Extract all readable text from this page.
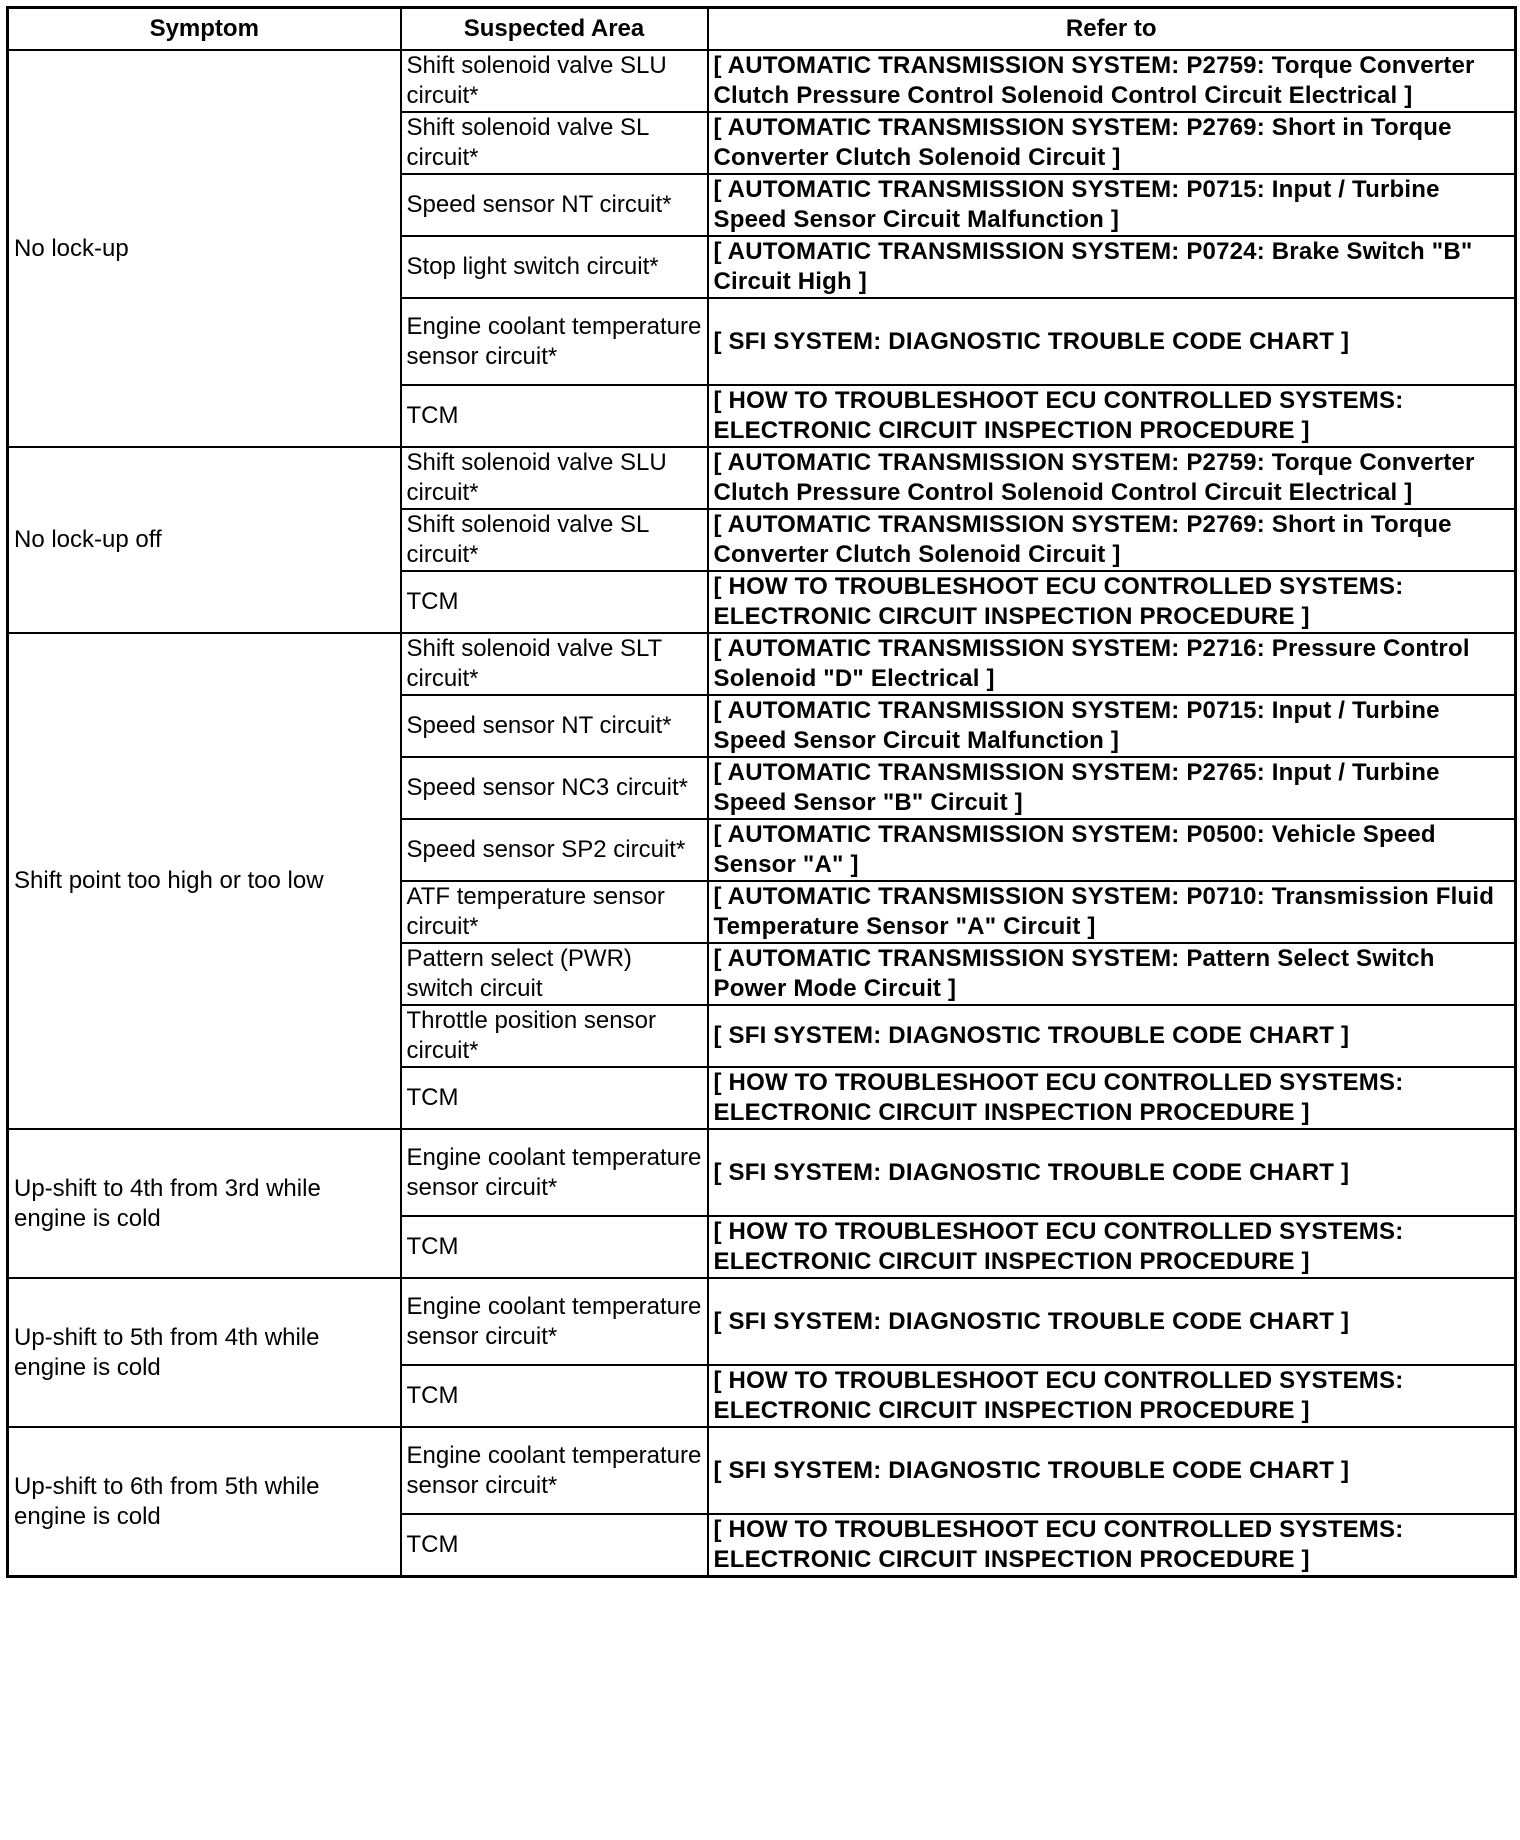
Symptom	Suspected Area	Refer to
No lock-up	Shift solenoid valve SLU circuit*	[ AUTOMATIC TRANSMISSION SYSTEM: P2759: Torque Converter Clutch Pressure Control Solenoid Control Circuit Electrical ]
	Shift solenoid valve SL circuit*	[ AUTOMATIC TRANSMISSION SYSTEM: P2769: Short in Torque Converter Clutch Solenoid Circuit ]
	Speed sensor NT circuit*	[ AUTOMATIC TRANSMISSION SYSTEM: P0715: Input / Turbine Speed Sensor Circuit Malfunction ]
	Stop light switch circuit*	[ AUTOMATIC TRANSMISSION SYSTEM: P0724: Brake Switch "B" Circuit High ]
	Engine coolant temperature sensor circuit*	[ SFI SYSTEM: DIAGNOSTIC TROUBLE CODE CHART ]
	TCM	[ HOW TO TROUBLESHOOT ECU CONTROLLED SYSTEMS: ELECTRONIC CIRCUIT INSPECTION PROCEDURE ]
No lock-up off	Shift solenoid valve SLU circuit*	[ AUTOMATIC TRANSMISSION SYSTEM: P2759: Torque Converter Clutch Pressure Control Solenoid Control Circuit Electrical ]
	Shift solenoid valve SL circuit*	[ AUTOMATIC TRANSMISSION SYSTEM: P2769: Short in Torque Converter Clutch Solenoid Circuit ]
	TCM	[ HOW TO TROUBLESHOOT ECU CONTROLLED SYSTEMS: ELECTRONIC CIRCUIT INSPECTION PROCEDURE ]
Shift point too high or too low	Shift solenoid valve SLT circuit*	[ AUTOMATIC TRANSMISSION SYSTEM: P2716: Pressure Control Solenoid "D" Electrical ]
	Speed sensor NT circuit*	[ AUTOMATIC TRANSMISSION SYSTEM: P0715: Input / Turbine Speed Sensor Circuit Malfunction ]
	Speed sensor NC3 circuit*	[ AUTOMATIC TRANSMISSION SYSTEM: P2765: Input / Turbine Speed Sensor "B" Circuit ]
	Speed sensor SP2 circuit*	[ AUTOMATIC TRANSMISSION SYSTEM: P0500: Vehicle Speed Sensor "A" ]
	ATF temperature sensor circuit*	[ AUTOMATIC TRANSMISSION SYSTEM: P0710: Transmission Fluid Temperature Sensor "A" Circuit ]
	Pattern select (PWR) switch circuit	[ AUTOMATIC TRANSMISSION SYSTEM: Pattern Select Switch Power Mode Circuit ]
	Throttle position sensor circuit*	[ SFI SYSTEM: DIAGNOSTIC TROUBLE CODE CHART ]
	TCM	[ HOW TO TROUBLESHOOT ECU CONTROLLED SYSTEMS: ELECTRONIC CIRCUIT INSPECTION PROCEDURE ]
Up-shift to 4th from 3rd while engine is cold	Engine coolant temperature sensor circuit*	[ SFI SYSTEM: DIAGNOSTIC TROUBLE CODE CHART ]
	TCM	[ HOW TO TROUBLESHOOT ECU CONTROLLED SYSTEMS: ELECTRONIC CIRCUIT INSPECTION PROCEDURE ]
Up-shift to 5th from 4th while engine is cold	Engine coolant temperature sensor circuit*	[ SFI SYSTEM: DIAGNOSTIC TROUBLE CODE CHART ]
	TCM	[ HOW TO TROUBLESHOOT ECU CONTROLLED SYSTEMS: ELECTRONIC CIRCUIT INSPECTION PROCEDURE ]
Up-shift to 6th from 5th while engine is cold	Engine coolant temperature sensor circuit*	[ SFI SYSTEM: DIAGNOSTIC TROUBLE CODE CHART ]
	TCM	[ HOW TO TROUBLESHOOT ECU CONTROLLED SYSTEMS: ELECTRONIC CIRCUIT INSPECTION PROCEDURE ]
